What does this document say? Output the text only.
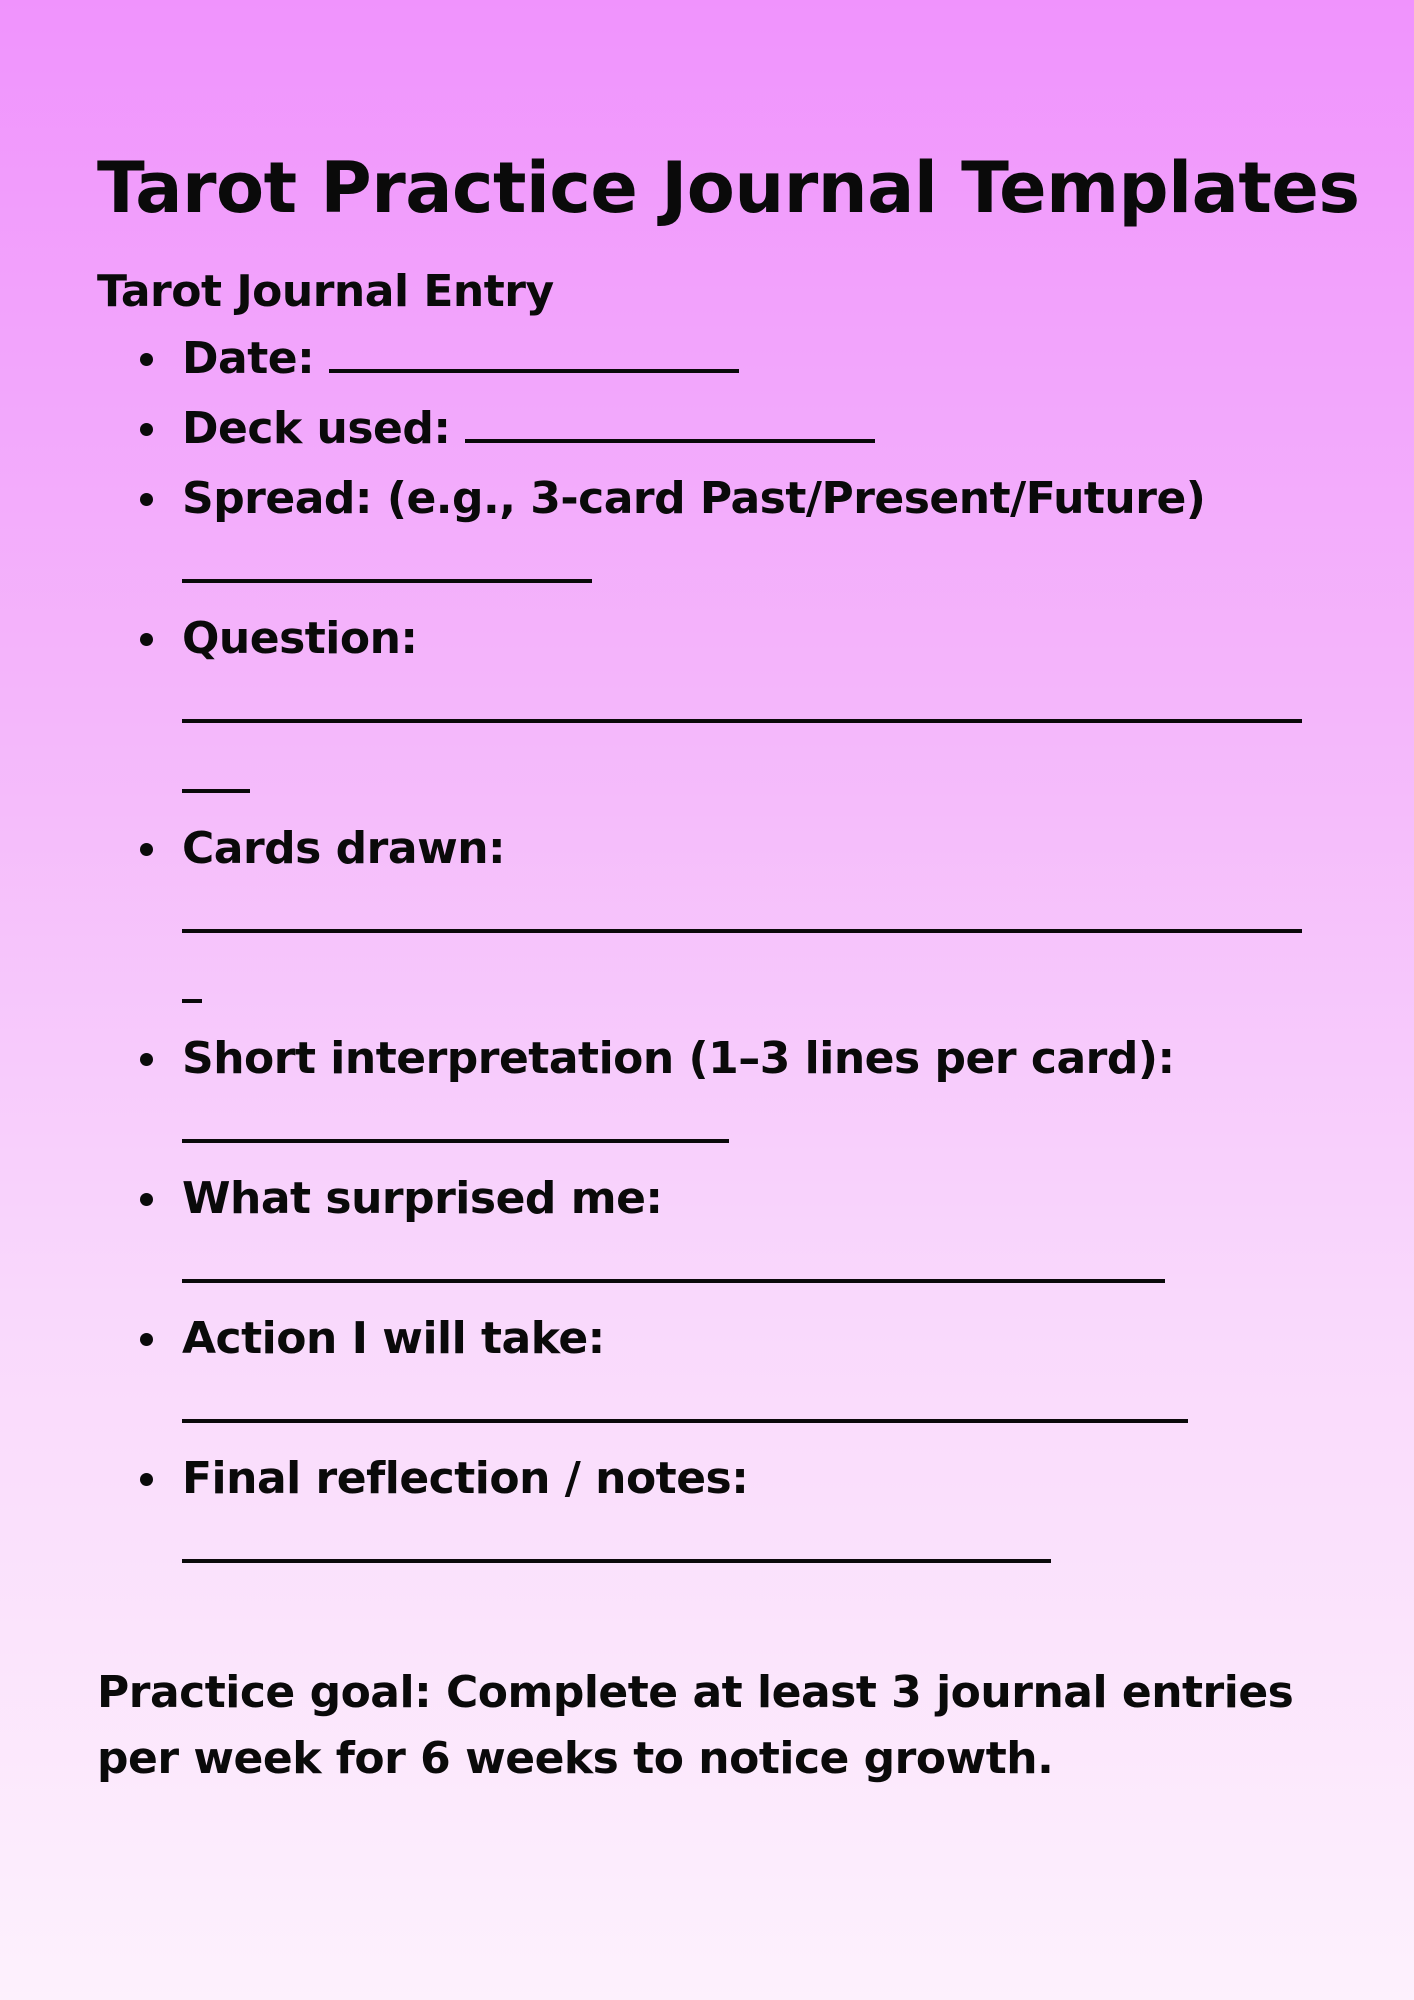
Tarot Practice Journal Templates
Tarot Journal Entry
Date:
Deck used:
Spread: (e.g., 3-card Past/Present/Future)
Question:
Cards drawn:
Short interpretation (1–3 lines per card):
What surprised me:
Action I will take:
Final reflection / notes:

Practice goal: Complete at least 3 journal entries
per week for 6 weeks to notice growth.
